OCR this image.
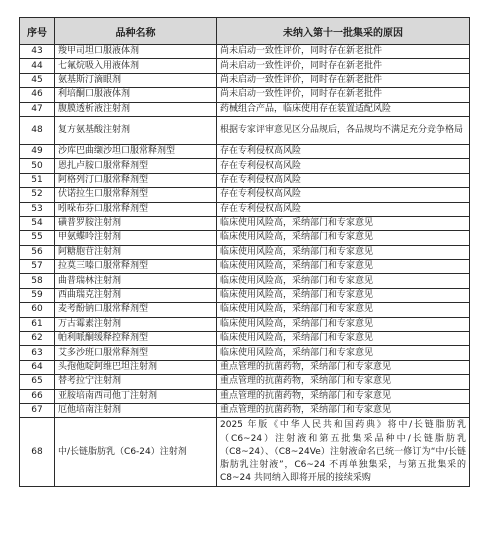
序号	品种名称	未纳入第十一批集采的原因
43	羧甲司坦口服液体剂	尚未启动一致性评价，同时存在新老批件
44	七氟烷吸入用液体剂	尚未启动一致性评价，同时存在新老批件
45	氨基斯汀滴眼剂	尚未启动一致性评价，同时存在新老批件
46	利培酮口服液体剂	尚未启动一致性评价，同时存在新老批件
47	腹膜透析液注射剂	药械组合产品，临床使用存在装置适配风险
48	复方氨基酸注射剂	根据专家评审意见区分品规后，各品规均不满足充分竞争格局
49	沙库巴曲缬沙坦口服常释剂型	存在专利侵权高风险
50	恩扎卢胺口服常释剂型	存在专利侵权高风险
51	阿格列汀口服常释剂型	存在专利侵权高风险
52	伏诺拉生口服常释剂型	存在专利侵权高风险
53	吲哚布芬口服常释剂型	存在专利侵权高风险
54	磺普罗胺注射剂	临床使用风险高，采纳部门和专家意见
55	甲氨蝶呤注射剂	临床使用风险高，采纳部门和专家意见
56	阿糖胞苷注射剂	临床使用风险高，采纳部门和专家意见
57	拉莫三嗪口服常释剂型	临床使用风险高，采纳部门和专家意见
58	曲普瑞林注射剂	临床使用风险高，采纳部门和专家意见
59	西曲瑞克注射剂	临床使用风险高，采纳部门和专家意见
60	麦考酚钠口服常释剂型	临床使用风险高，采纳部门和专家意见
61	万古霉素注射剂	临床使用风险高，采纳部门和专家意见
62	帕利哌酮缓释控释剂型	临床使用风险高，采纳部门和专家意见
63	艾多沙班口服常释剂型	临床使用风险高，采纳部门和专家意见
64	头孢他啶阿维巴坦注射剂	重点管理的抗菌药物，采纳部门和专家意见
65	替考拉宁注射剂	重点管理的抗菌药物，采纳部门和专家意见
66	亚胺培南西司他丁注射剂	重点管理的抗菌药物，采纳部门和专家意见
67	厄他培南注射剂	重点管理的抗菌药物，采纳部门和专家意见
68	中/长链脂肪乳（C6-24）注射剂	2025 年版《中华人民共和国药典》将中/长链脂肪乳（C6~24）注射液和第五批集采品种中/长链脂肪乳（C8~24）、（C8~24Ve）注射液命名已统一修订为“中/长链脂肪乳注射液”，C6~24 不再单独集采，与第五批集采的 C8~24 共同纳入即将开展的接续采购
